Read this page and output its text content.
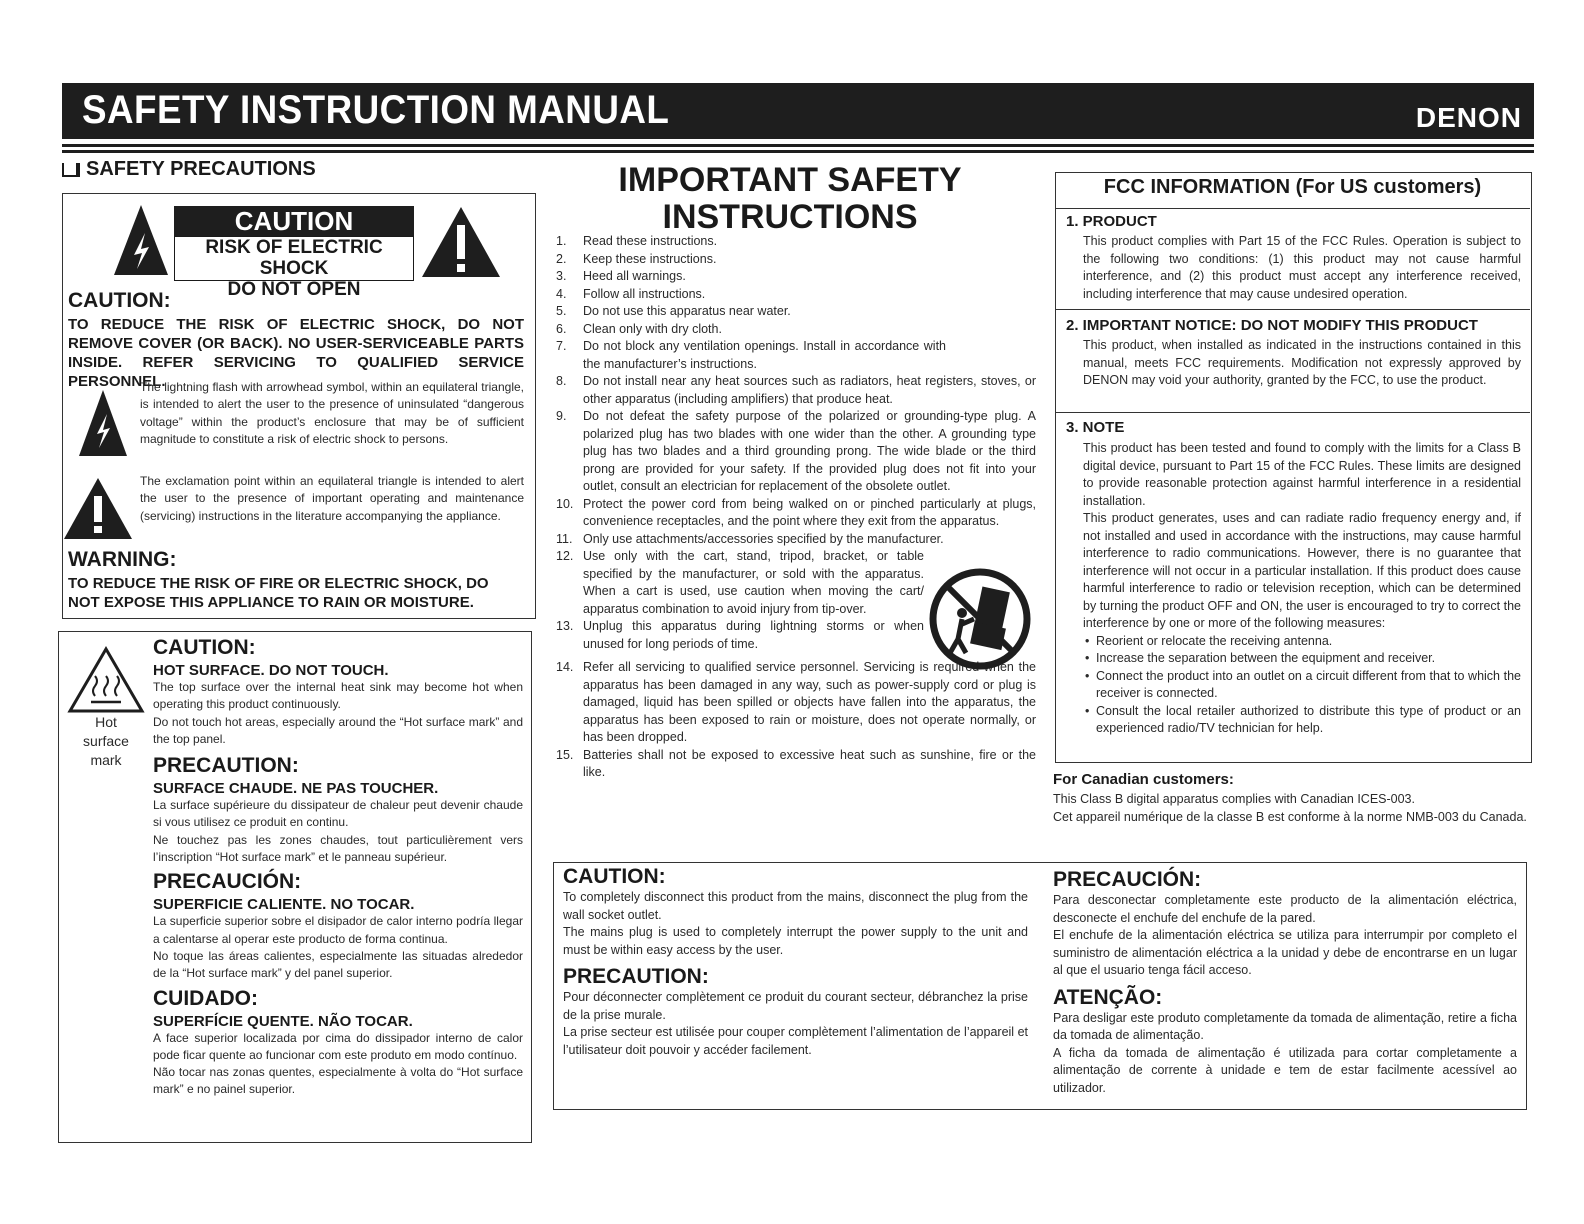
SAFETY INSTRUCTION MANUAL	DENON
SAFETY PRECAUTIONS
CAUTION
RISK OF ELECTRIC SHOCK
DO NOT OPEN
CAUTION:
TO REDUCE THE RISK OF ELECTRIC SHOCK, DO NOT REMOVE COVER (OR BACK). NO USER-SERVICEABLE PARTS INSIDE. REFER SERVICING TO QUALIFIED SERVICE PERSONNEL.
The lightning flash with arrowhead symbol, within an equilateral triangle, is intended to alert the user to the presence of uninsulated “dangerous voltage” within the product’s enclosure that may be of sufficient magnitude to constitute a risk of electric shock to persons.
The exclamation point within an equilateral triangle is intended to alert the user to the presence of important operating and maintenance (servicing) instructions in the literature accompanying the appliance.
WARNING:
TO REDUCE THE RISK OF FIRE OR ELECTRIC SHOCK, DO NOT EXPOSE THIS APPLIANCE TO RAIN OR MOISTURE.
Hot
surface
mark
CAUTION:
HOT SURFACE. DO NOT TOUCH.
The top surface over the internal heat sink may become hot when operating this product continuously.
Do not touch hot areas, especially around the “Hot surface mark” and the top panel.
PRECAUTION:
SURFACE CHAUDE. NE PAS TOUCHER.
La surface supérieure du dissipateur de chaleur peut devenir chaude si vous utilisez ce produit en continu.
Ne touchez pas les zones chaudes, tout particulièrement vers l’inscription “Hot surface mark” et le panneau supérieur.
PRECAUCIÓN:
SUPERFICIE CALIENTE. NO TOCAR.
La superficie superior sobre el disipador de calor interno podría llegar a calentarse al operar este producto de forma continua.
No toque las áreas calientes, especialmente las situadas alrededor de la “Hot surface mark” y del panel superior.
CUIDADO:
SUPERFÍCIE QUENTE. NÃO TOCAR.
A face superior localizada por cima do dissipador interno de calor pode ficar quente ao funcionar com este produto em modo contínuo.
Não tocar nas zonas quentes, especialmente à volta do “Hot surface mark” e no painel superior.
IMPORTANT SAFETY
INSTRUCTIONS
1.	Read these instructions.
2.	Keep these instructions.
3.	Heed all warnings.
4.	Follow all instructions.
5.	Do not use this apparatus near water.
6.	Clean only with dry cloth.
7.	Do not block any ventilation openings. Install in accordance with the manufacturer’s instructions.
8.	Do not install near any heat sources such as radiators, heat registers, stoves, or other apparatus (including amplifiers) that produce heat.
9.	Do not defeat the safety purpose of the polarized or grounding-type plug. A polarized plug has two blades with one wider than the other. A grounding type plug has two blades and a third grounding prong. The wide blade or the third prong are provided for your safety. If the provided plug does not fit into your outlet, consult an electrician for replacement of the obsolete outlet.
10. Protect the power cord from being walked on or pinched particularly at plugs, convenience receptacles, and the point where they exit from the apparatus.
11. Only use attachments/accessories specified by the manufacturer.
12. Use only with the cart, stand, tripod, bracket, or table specified by the manufacturer, or sold with the apparatus. When a cart is used, use caution when moving the cart/ apparatus combination to avoid injury from tip-over.
13. Unplug this apparatus during lightning storms or when unused for long periods of time.
14. Refer all servicing to qualified service personnel. Servicing is required when the apparatus has been damaged in any way, such as power-supply cord or plug is damaged, liquid has been spilled or objects have fallen into the apparatus, the apparatus has been exposed to rain or moisture, does not operate normally, or has been dropped.
15. Batteries shall not be exposed to excessive heat such as sunshine, fire or the like.
FCC INFORMATION (For US customers)
1. PRODUCT
This product complies with Part 15 of the FCC Rules. Operation is subject to the following two conditions: (1) this product may not cause harmful interference, and (2) this product must accept any interference received, including interference that may cause undesired operation.
2. IMPORTANT NOTICE: DO NOT MODIFY THIS PRODUCT
This product, when installed as indicated in the instructions contained in this manual, meets FCC requirements. Modification not expressly approved by DENON may void your authority, granted by the FCC, to use the product.
3. NOTE
This product has been tested and found to comply with the limits for a Class B digital device, pursuant to Part 15 of the FCC Rules. These limits are designed to provide reasonable protection against harmful interference in a residential installation.
This product generates, uses and can radiate radio frequency energy and, if not installed and used in accordance with the instructions, may cause harmful interference to radio communications. However, there is no guarantee that interference will not occur in a particular installation. If this product does cause harmful interference to radio or television reception, which can be determined by turning the product OFF and ON, the user is encouraged to try to correct the interference by one or more of the following measures:
• Reorient or relocate the receiving antenna.
• Increase the separation between the equipment and receiver.
• Connect the product into an outlet on a circuit different from that to which the receiver is connected.
• Consult the local retailer authorized to distribute this type of product or an experienced radio/TV technician for help.
For Canadian customers:
This Class B digital apparatus complies with Canadian ICES-003.
Cet appareil numérique de la classe B est conforme à la norme NMB-003 du Canada.
CAUTION:
To completely disconnect this product from the mains, disconnect the plug from the wall socket outlet.
The mains plug is used to completely interrupt the power supply to the unit and must be within easy access by the user.
PRECAUTION:
Pour déconnecter complètement ce produit du courant secteur, débranchez la prise de la prise murale.
La prise secteur est utilisée pour couper complètement l’alimentation de l’appareil et l’utilisateur doit pouvoir y accéder facilement.
PRECAUCIÓN:
Para desconectar completamente este producto de la alimentación eléctrica, desconecte el enchufe del enchufe de la pared.
El enchufe de la alimentación eléctrica se utiliza para interrumpir por completo el suministro de alimentación eléctrica a la unidad y debe de encontrarse en un lugar al que el usuario tenga fácil acceso.
ATENÇÃO:
Para desligar este produto completamente da tomada de alimentação, retire a ficha da tomada de alimentação.
A ficha da tomada de alimentação é utilizada para cortar completamente a alimentação de corrente à unidade e tem de estar facilmente acessível ao utilizador.
